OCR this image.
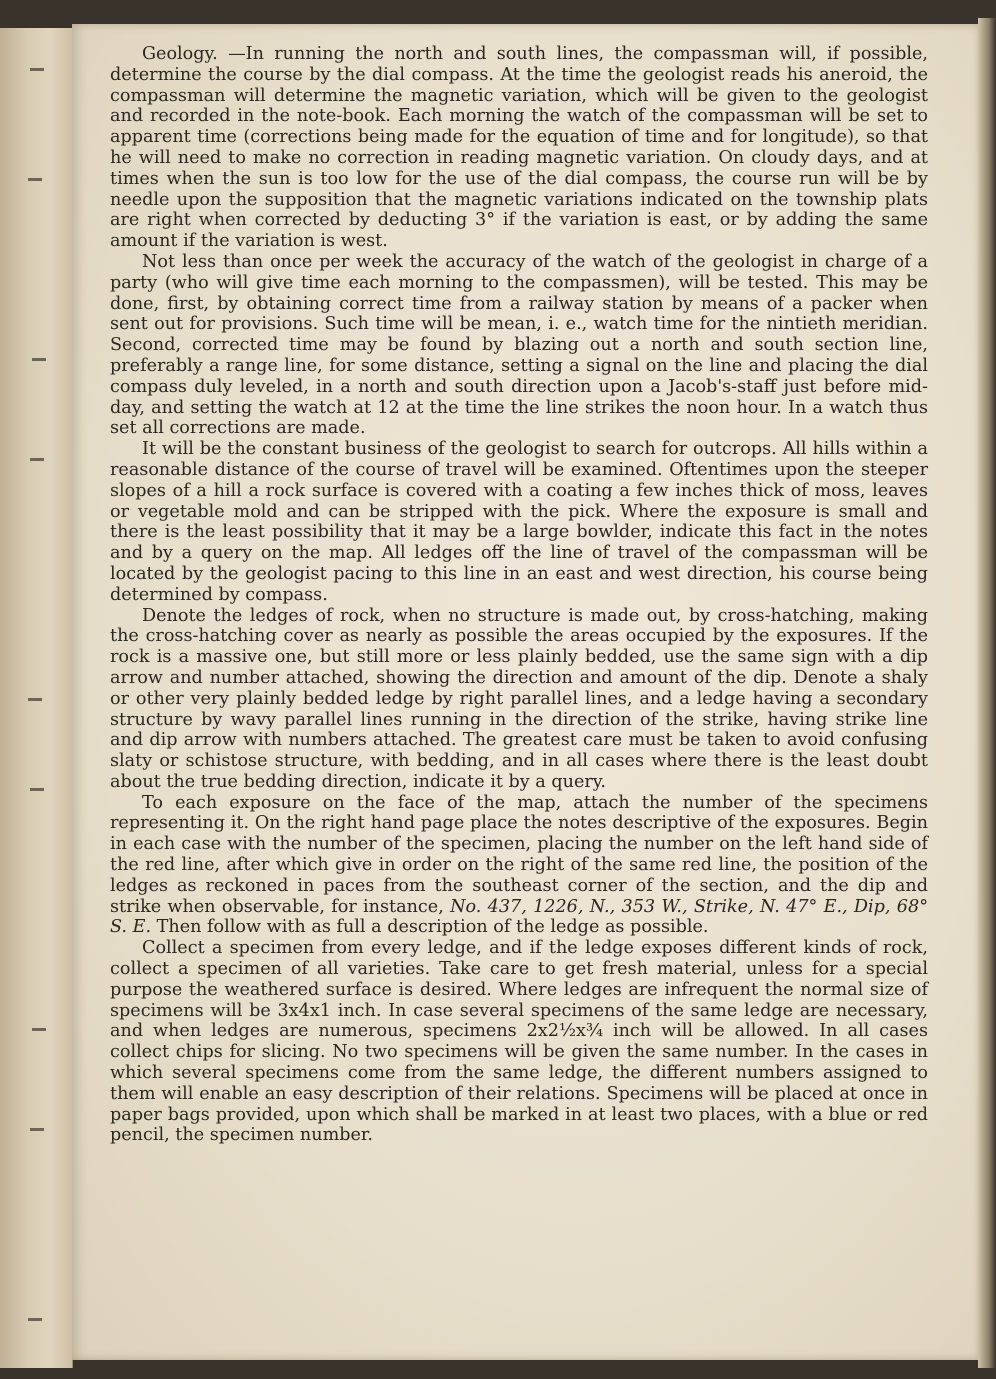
Geology. —In running the north and south lines, the compassman will, if possible, determine the course by the dial compass. At the time the geologist reads his aneroid, the compassman will determine the magnetic variation, which will be given to the geologist and recorded in the note-book. Each morning the watch of the compassman will be set to apparent time (corrections being made for the equation of time and for longitude), so that he will need to make no correction in reading magnetic variation. On cloudy days, and at times when the sun is too low for the use of the dial compass, the course run will be by needle upon the supposition that the magnetic variations indicated on the township plats are right when corrected by deducting 3° if the variation is east, or by adding the same amount if the variation is west.

Not less than once per week the accuracy of the watch of the geologist in charge of a party (who will give time each morning to the compassmen), will be tested. This may be done, first, by obtaining correct time from a railway station by means of a packer when sent out for provisions. Such time will be mean, i. e., watch time for the nintieth meridian. Second, corrected time may be found by blazing out a north and south section line, preferably a range line, for some distance, setting a signal on the line and placing the dial compass duly leveled, in a north and south direction upon a Jacob's-staff just before mid-day, and setting the watch at 12 at the time the line strikes the noon hour. In a watch thus set all corrections are made.

It will be the constant business of the geologist to search for outcrops. All hills within a reasonable distance of the course of travel will be examined. Oftentimes upon the steeper slopes of a hill a rock surface is covered with a coating a few inches thick of moss, leaves or vegetable mold and can be stripped with the pick. Where the exposure is small and there is the least possibility that it may be a large bowlder, indicate this fact in the notes and by a query on the map. All ledges off the line of travel of the compassman will be located by the geologist pacing to this line in an east and west direction, his course being determined by compass.

Denote the ledges of rock, when no structure is made out, by cross-hatching, making the cross-hatching cover as nearly as possible the areas occupied by the exposures. If the rock is a massive one, but still more or less plainly bedded, use the same sign with a dip arrow and number attached, showing the direction and amount of the dip. Denote a shaly or other very plainly bedded ledge by right parallel lines, and a ledge having a secondary structure by wavy parallel lines running in the direction of the strike, having strike line and dip arrow with numbers attached. The greatest care must be taken to avoid confusing slaty or schistose structure, with bedding, and in all cases where there is the least doubt about the true bedding direction, indicate it by a query.

To each exposure on the face of the map, attach the number of the specimens representing it. On the right hand page place the notes descriptive of the exposures. Begin in each case with the number of the specimen, placing the number on the left hand side of the red line, after which give in order on the right of the same red line, the position of the ledges as reckoned in paces from the southeast corner of the section, and the dip and strike when observable, for instance, No. 437, 1226, N., 353 W., Strike, N. 47° E., Dip, 68° S. E. Then follow with as full a description of the ledge as possible.

Collect a specimen from every ledge, and if the ledge exposes different kinds of rock, collect a specimen of all varieties. Take care to get fresh material, unless for a special purpose the weathered surface is desired. Where ledges are infrequent the normal size of specimens will be 3x4x1 inch. In case several specimens of the same ledge are necessary, and when ledges are numerous, specimens 2x2½x¾ inch will be allowed. In all cases collect chips for slicing. No two specimens will be given the same number. In the cases in which several specimens come from the same ledge, the different numbers assigned to them will enable an easy description of their relations. Specimens will be placed at once in paper bags provided, upon which shall be marked in at least two places, with a blue or red pencil, the specimen number.
